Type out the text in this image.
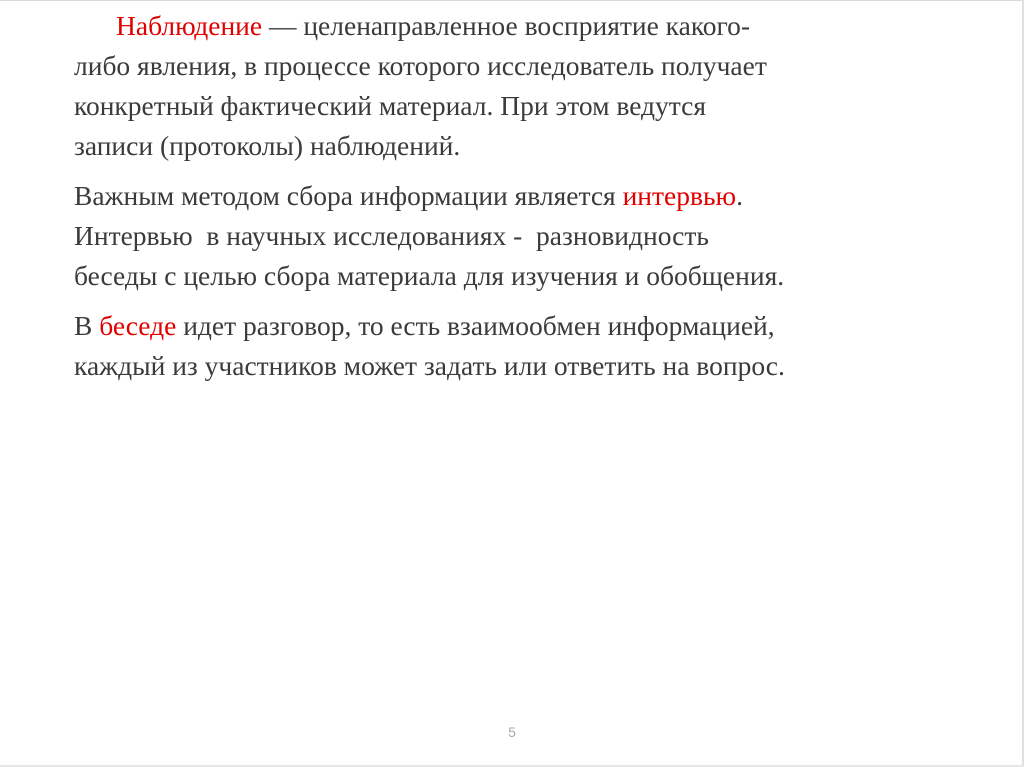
Наблюдение — целенаправленное восприятие какого-
либо явления, в процессе которого исследователь получает
конкретный фактический материал. При этом ведутся
записи (протоколы) наблюдений.

Важным методом сбора информации является интервью.
Интервью  в научных исследованиях -  разновидность
беседы с целью сбора материала для изучения и обобщения.

В беседе идет разговор, то есть взаимообмен информацией,
каждый из участников может задать или ответить на вопрос.

5
